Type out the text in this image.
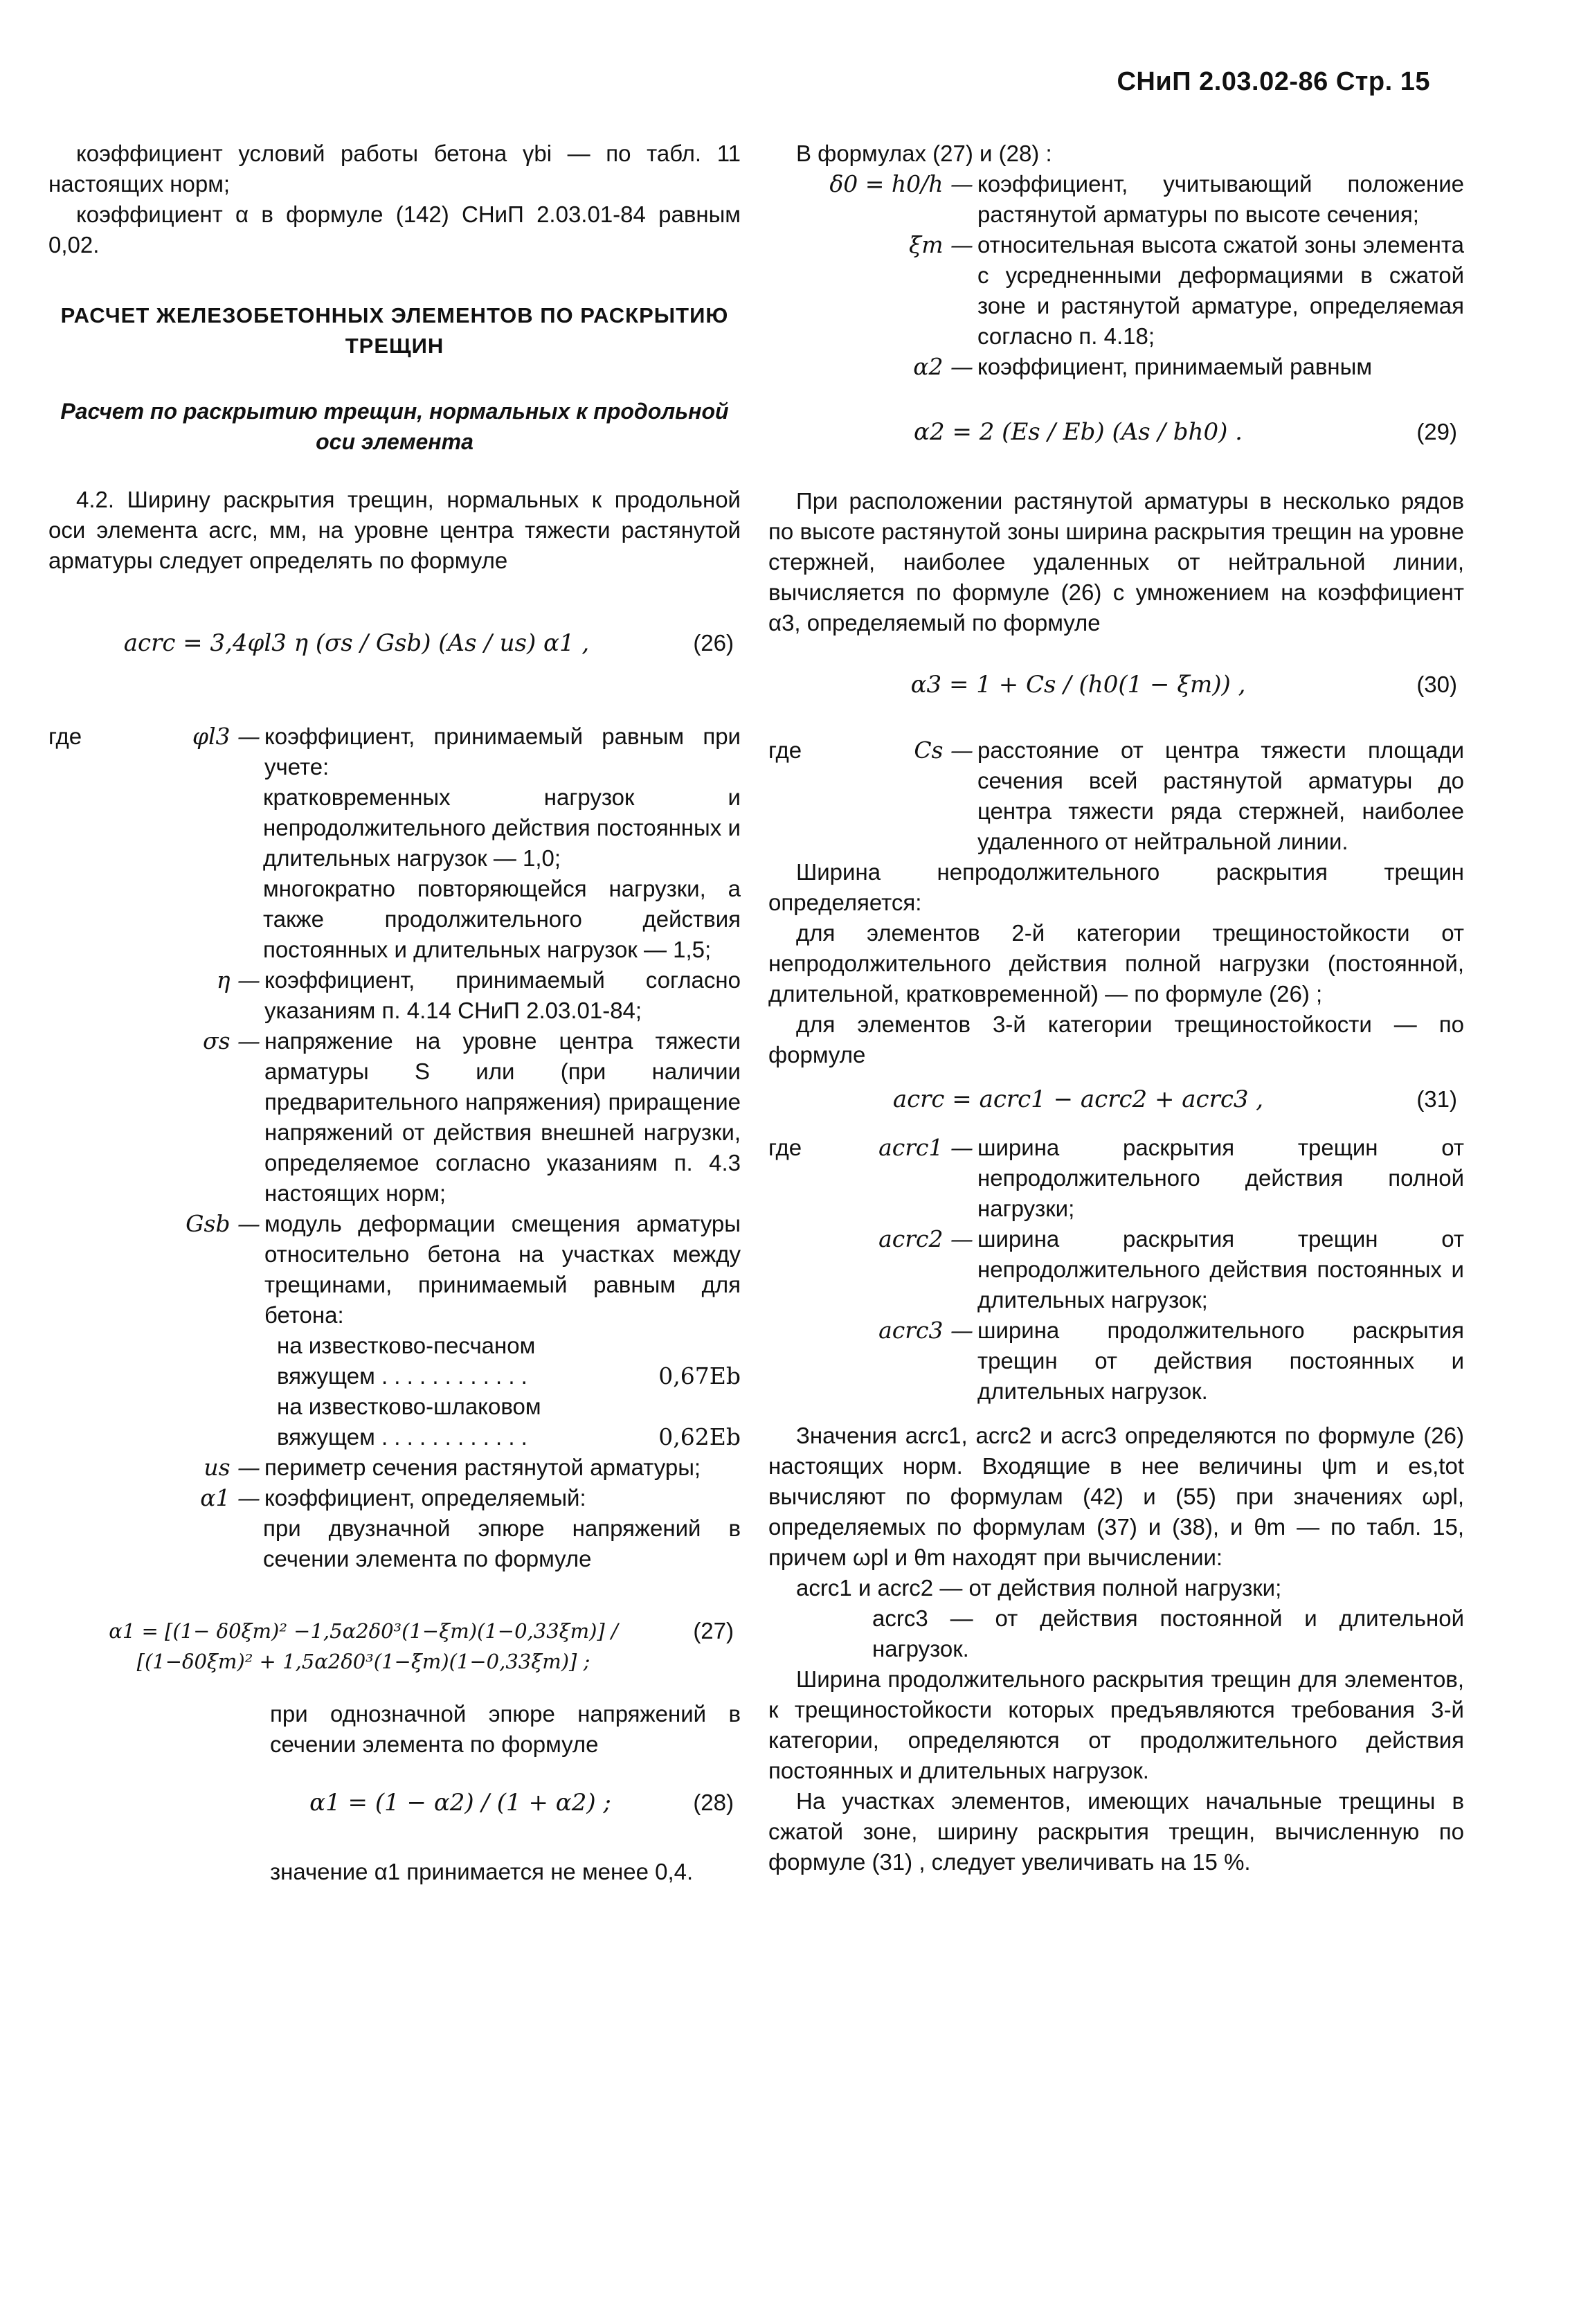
СНиП 2.03.02-86 Стр. 15

коэффициент условий работы бетона γbi — по табл. 11 настоящих норм;

коэффициент α в формуле (142) СНиП 2.03.01-84 равным 0,02.

РАСЧЕТ ЖЕЛЕЗОБЕТОННЫХ ЭЛЕМЕНТОВ ПО РАСКРЫТИЮ ТРЕЩИН
Расчет по раскрытию трещин, нормальных к продольной оси элемента

4.2. Ширину раскрытия трещин, нормальных к продольной оси элемента acrc, мм, на уровне центра тяжести растянутой арматуры следует определять по формуле

acrc = 3,4φl3 η (σs / Gsb) (As / us) α1 ,	(26)
где	φl3 — коэффициент, принимаемый равным при учете:

кратковременных нагрузок и непродолжительного действия постоянных и длительных нагрузок — 1,0;

многократно повторяющейся нагрузки, а также продолжительного действия постоянных и длительных нагрузок — 1,5;

η — коэффициент, принимаемый согласно указаниям п. 4.14 СНиП 2.03.01-84;
σs — напряжение на уровне центра тяжести арматуры S или (при наличии предварительного напряжения) приращение напряжений от действия внешней нагрузки, определяемое согласно указаниям п. 4.3 настоящих норм;
Gsb — модуль деформации смещения арматуры относительно бетона на участках между трещинами, принимаемый равным для бетона:

на известково-песчаном

вяжущем . . . . . . . . . . . .	0,67Eb

на известково-шлаковом

вяжущем . . . . . . . . . . . .	0,62Eb
us — периметр сечения растянутой арматуры;
α1 — коэффициент, определяемый:

при двузначной эпюре напряжений в сечении элемента по формуле

α1 = [(1− δ0ξm)² −1,5α2δ0³(1−ξm)(1−0,33ξm)] / [(1−δ0ξm)² + 1,5α2δ0³(1−ξm)(1−0,33ξm)] ;
(27)

при однозначной эпюре напряжений в сечении элемента по формуле

α1 = (1 − α2) / (1 + α2) ;	(28)

значение α1 принимается не менее 0,4.

В формулах (27) и (28) :

δ0 = h0/h — коэффициент, учитывающий положение растянутой арматуры по высоте сечения;
ξm — относительная высота сжатой зоны элемента с усредненными деформациями в сжатой зоне и растянутой арматуре, определяемая согласно п. 4.18;
α2 — коэффициент, принимаемый равным
α2 = 2 (Es / Eb) (As / bh0) .	(29)

При расположении растянутой арматуры в несколько рядов по высоте растянутой зоны ширина раскрытия трещин на уровне стержней, наиболее удаленных от нейтральной линии, вычисляется по формуле (26) с умножением на коэффициент α3, определяемый по формуле

α3 = 1 + Cs / (h0(1 − ξm)) ,	(30)
где	Cs — расстояние от центра тяжести площади сечения всей растянутой арматуры до центра тяжести ряда стержней, наиболее удаленного от нейтральной линии.

Ширина непродолжительного раскрытия трещин определяется:

для элементов 2-й категории трещиностойкости от непродолжительного действия полной нагрузки (постоянной, длительной, кратковременной) — по формуле (26) ;

для элементов 3-й категории трещиностойкости — по формуле

acrc = acrc1 − acrc2 + acrc3 ,	(31)
где	acrc1 — ширина раскрытия трещин от непродолжительного действия полной нагрузки;
acrc2 — ширина раскрытия трещин от непродолжительного действия постоянных и длительных нагрузок;
acrc3 — ширина продолжительного раскрытия трещин от действия постоянных и длительных нагрузок.

Значения acrc1, acrc2 и acrc3 определяются по формуле (26) настоящих норм. Входящие в нее величины ψm и es,tot вычисляют по формулам (42) и (55) при значениях ωpl, определяемых по формулам (37) и (38), и θm — по табл. 15, причем ωpl и θm находят при вычислении:

acrc1 и acrc2 — от действия полной нагрузки;

acrc3 — от действия постоянной и длительной нагрузок.

Ширина продолжительного раскрытия трещин для элементов, к трещиностойкости которых предъявляются требования 3-й категории, определяются от продолжительного действия постоянных и длительных нагрузок.

На участках элементов, имеющих начальные трещины в сжатой зоне, ширину раскрытия трещин, вычисленную по формуле (31) , следует увеличивать на 15 %.
